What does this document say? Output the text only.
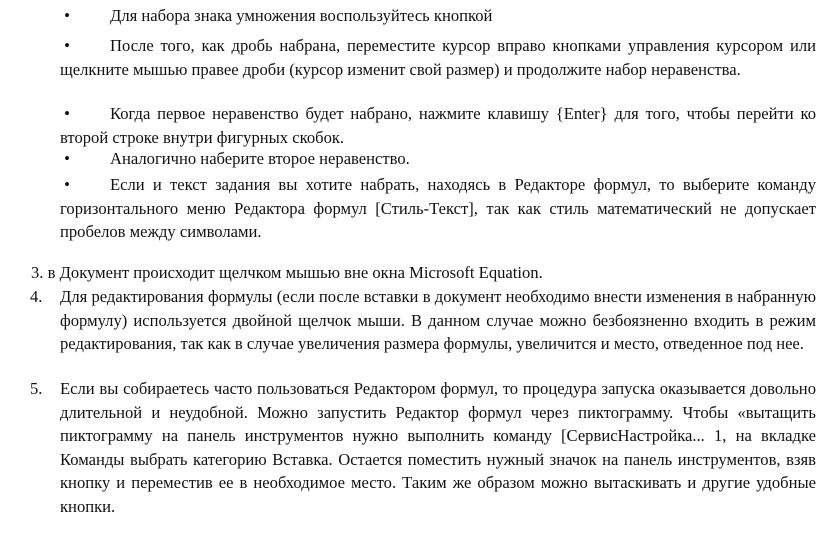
•	Для набора знака умножения воспользуйтесь кнопкой
•	После того, как дробь набрана, переместите курсор вправо кнопками управления курсором или щелкните мышью правее дроби (курсор изменит свой размер) и продолжите набор неравенства.
•	Когда первое неравенство будет набрано, нажмите клавишу {Enter} для того, чтобы перейти ко второй строке внутри фигурных скобок.
•	Аналогично наберите второе неравенство.
•	Если и текст задания вы хотите набрать, находясь в Редакторе формул, то выберите команду горизонтального меню Редактора формул [Стиль-Текст], так как стиль математический не допускает пробелов между символами.
3. в Документ происходит щелчком мышью вне окна Microsoft Equation.
4. Для редактирования формулы (если после вставки в документ необходимо внести изменения в набранную формулу) используется двойной щелчок мыши. В данном случае можно безбоязненно входить в режим редактирования, так как в случае увеличения размера формулы, увеличится и место, отведенное под нее.
5. Если вы собираетесь часто пользоваться Редактором формул, то процедура запуска оказывается довольно длительной и неудобной. Можно запустить Редактор формул через пиктограмму. Чтобы «вытащить пиктограмму на панель инструментов нужно выполнить команду [СервисНастройка... 1, на вкладке Команды выбрать категорию Вставка. Остается поместить нужный значок на панель инструментов, взяв кнопку и переместив ее в необходимое место. Таким же образом можно вытаскивать и другие удобные кнопки.
